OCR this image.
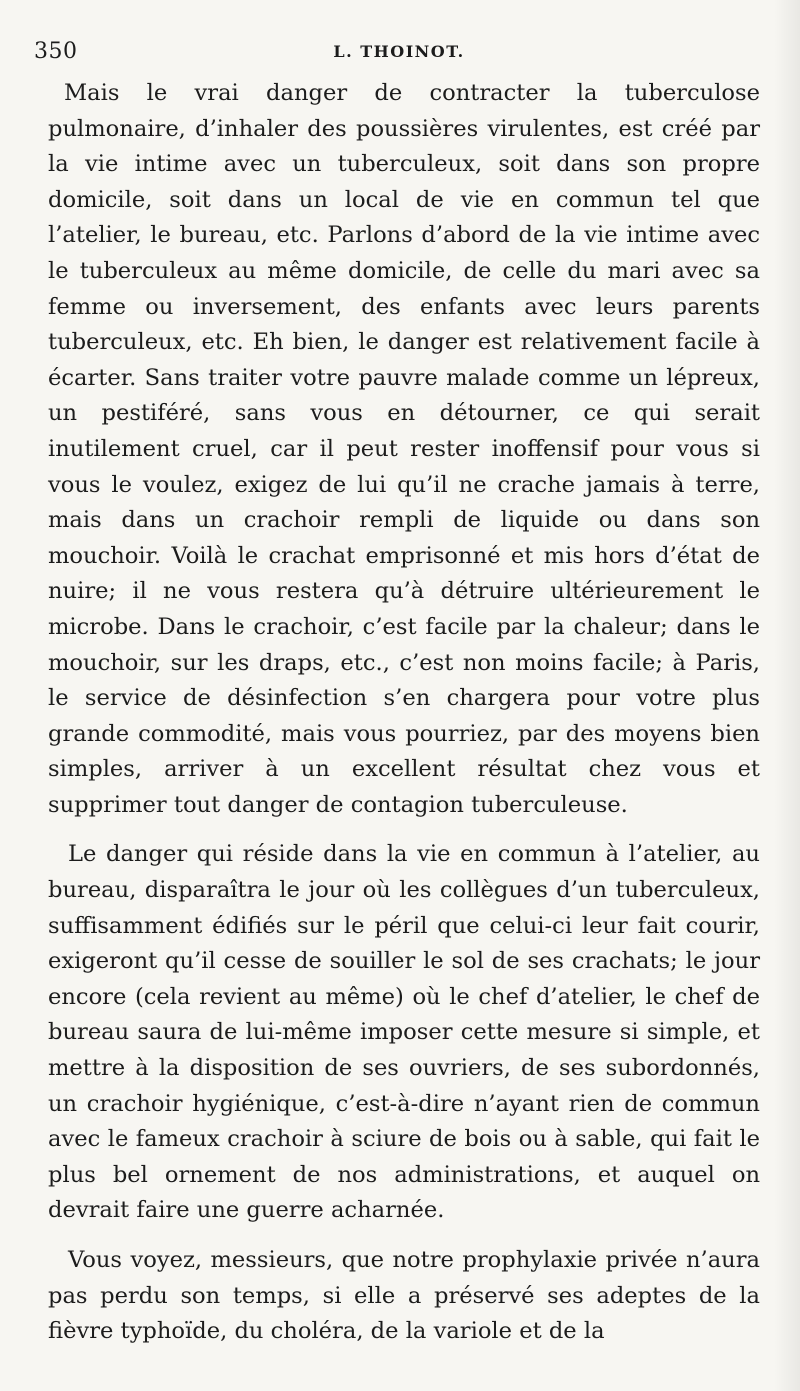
350	L. THOINOT.

Mais le vrai danger de contracter la tuberculose pulmonaire, d’inhaler des poussières virulentes, est créé par la vie intime avec un tuberculeux, soit dans son propre domicile, soit dans un local de vie en commun tel que l’atelier, le bureau, etc. Parlons d’abord de la vie intime avec le tuberculeux au même domicile, de celle du mari avec sa femme ou inversement, des enfants avec leurs parents tuberculeux, etc. Eh bien, le danger est relativement facile à écarter. Sans traiter votre pauvre malade comme un lépreux, un pestiféré, sans vous en détourner, ce qui serait inutilement cruel, car il peut rester inoffensif pour vous si vous le voulez, exigez de lui qu’il ne crache jamais à terre, mais dans un crachoir rempli de liquide ou dans son mouchoir. Voilà le crachat emprisonné et mis hors d’état de nuire; il ne vous restera qu’à détruire ultérieurement le microbe. Dans le crachoir, c’est facile par la chaleur; dans le mouchoir, sur les draps, etc., c’est non moins facile; à Paris, le service de désinfection s’en chargera pour votre plus grande commodité, mais vous pourriez, par des moyens bien simples, arriver à un excellent résultat chez vous et supprimer tout danger de contagion tuberculeuse.

Le danger qui réside dans la vie en commun à l’atelier, au bureau, disparaîtra le jour où les collègues d’un tuberculeux, suffisamment édifiés sur le péril que celui-ci leur fait courir, exigeront qu’il cesse de souiller le sol de ses crachats; le jour encore (cela revient au même) où le chef d’atelier, le chef de bureau saura de lui-même imposer cette mesure si simple, et mettre à la disposition de ses ouvriers, de ses subordonnés, un crachoir hygiénique, c’est-à-dire n’ayant rien de commun avec le fameux crachoir à sciure de bois ou à sable, qui fait le plus bel ornement de nos administrations, et auquel on devrait faire une guerre acharnée.

Vous voyez, messieurs, que notre prophylaxie privée n’aura pas perdu son temps, si elle a préservé ses adeptes de la fièvre typhoïde, du choléra, de la variole et de la
